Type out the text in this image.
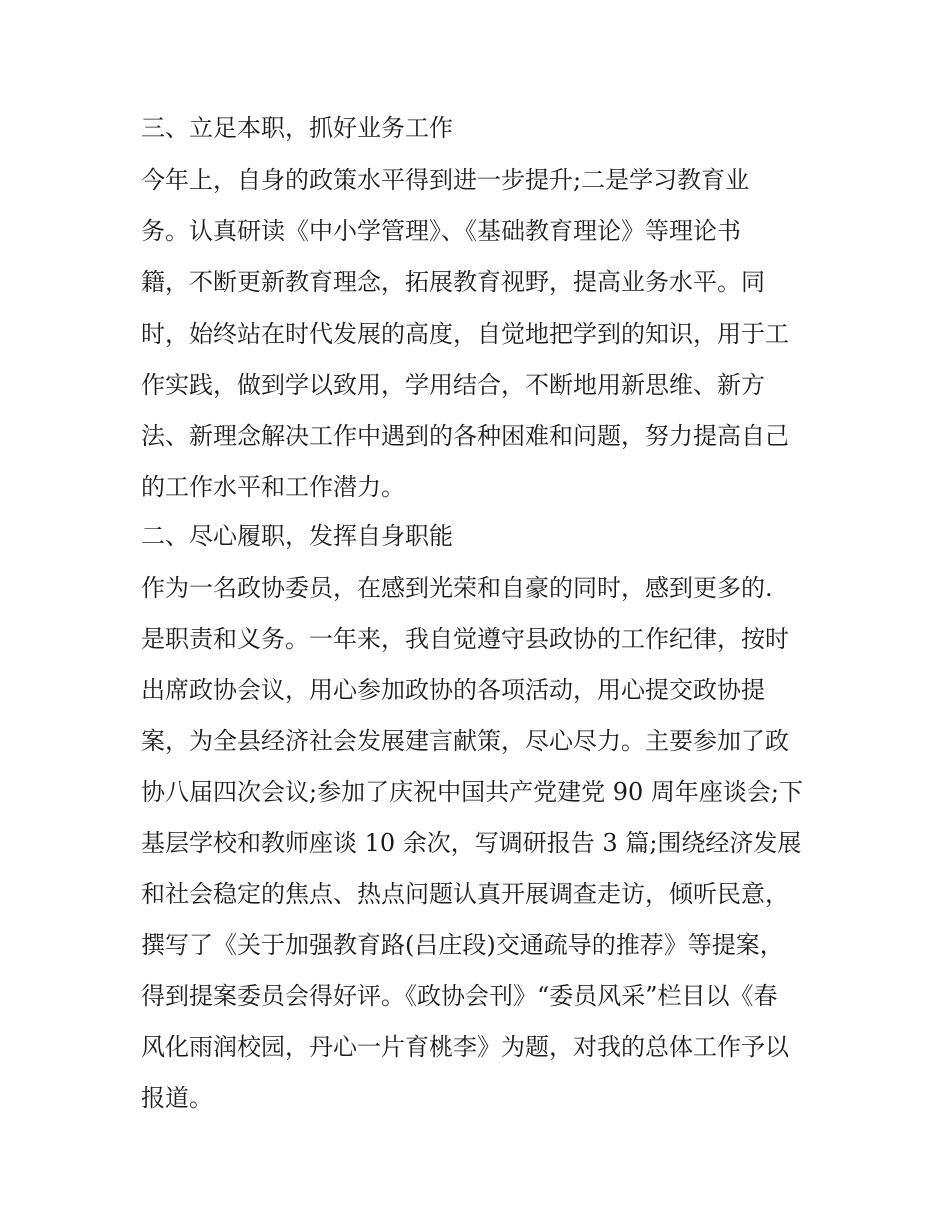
三、立足本职，抓好业务工作
今年上，自身的政策水平得到进一步提升;二是学习教育业
务。认真研读《中小学管理》、《基础教育理论》等理论书
籍，不断更新教育理念，拓展教育视野，提高业务水平。同
时，始终站在时代发展的高度，自觉地把学到的知识，用于工
作实践，做到学以致用，学用结合，不断地用新思维、新方
法、新理念解决工作中遇到的各种困难和问题，努力提高自己
的工作水平和工作潜力。
二、尽心履职，发挥自身职能
作为一名政协委员，在感到光荣和自豪的同时，感到更多的.
是职责和义务。一年来，我自觉遵守县政协的工作纪律，按时
出席政协会议，用心参加政协的各项活动，用心提交政协提
案，为全县经济社会发展建言献策，尽心尽力。主要参加了政
协八届四次会议;参加了庆祝中国共产党建党 90 周年座谈会;下
基层学校和教师座谈 10 余次，写调研报告 3 篇;围绕经济发展
和社会稳定的焦点、热点问题认真开展调查走访，倾听民意，
撰写了《关于加强教育路(吕庄段)交通疏导的推荐》等提案，
得到提案委员会得好评。《政协会刊》“委员风采”栏目以《春
风化雨润校园，丹心一片育桃李》为题，对我的总体工作予以
报道。
